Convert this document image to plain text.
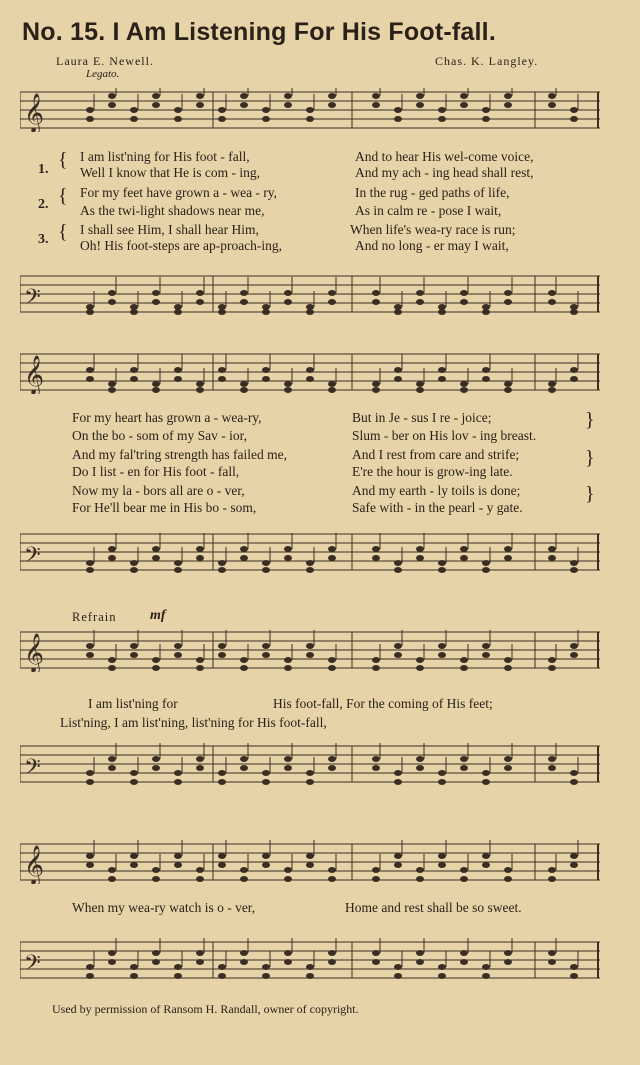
No. 15. I Am Listening For His Foot-fall.
Laura E. Newell.	Chas. K. Langley.
Legato.
𝄞
𝄢
𝄞
𝄢
𝄞
𝄢
𝄞
𝄢
1. { I am list'ning for His foot - fall,	And to hear His wel-come voice,
Well I know that He is com - ing,	And my ach - ing head shall rest,
2. { For my feet have grown a - wea - ry,	In the rug - ged paths of life,
As the twi-light shadows near me,	As in calm re - pose I wait,
3. { I shall see Him, I shall hear Him,	When life's wea-ry race is run;
Oh! His foot-steps are ap-proach-ing,	And no long - er may I wait,
For my heart has grown a - wea-ry,	But in Je - sus I re - joice;
On the bo - som of my Sav - ior,	Slum - ber on His lov - ing breast.
}
And my fal'tring strength has failed me,	And I rest from care and strife;
Do I list - en for His foot - fall,	E're the hour is grow-ing late.
}
Now my la - bors all are o - ver,	And my earth - ly toils is done;
For He'll bear me in His bo - som,	Safe with - in the pearl - y gate.
}
Refrain mf
I am list'ning for	His foot-fall, For the coming of His feet;
List'ning, I am list'ning, list'ning for His foot-fall,
When my wea-ry watch is o - ver,	Home and rest shall be so sweet.
Used by permission of Ransom H. Randall, owner of copyright.
